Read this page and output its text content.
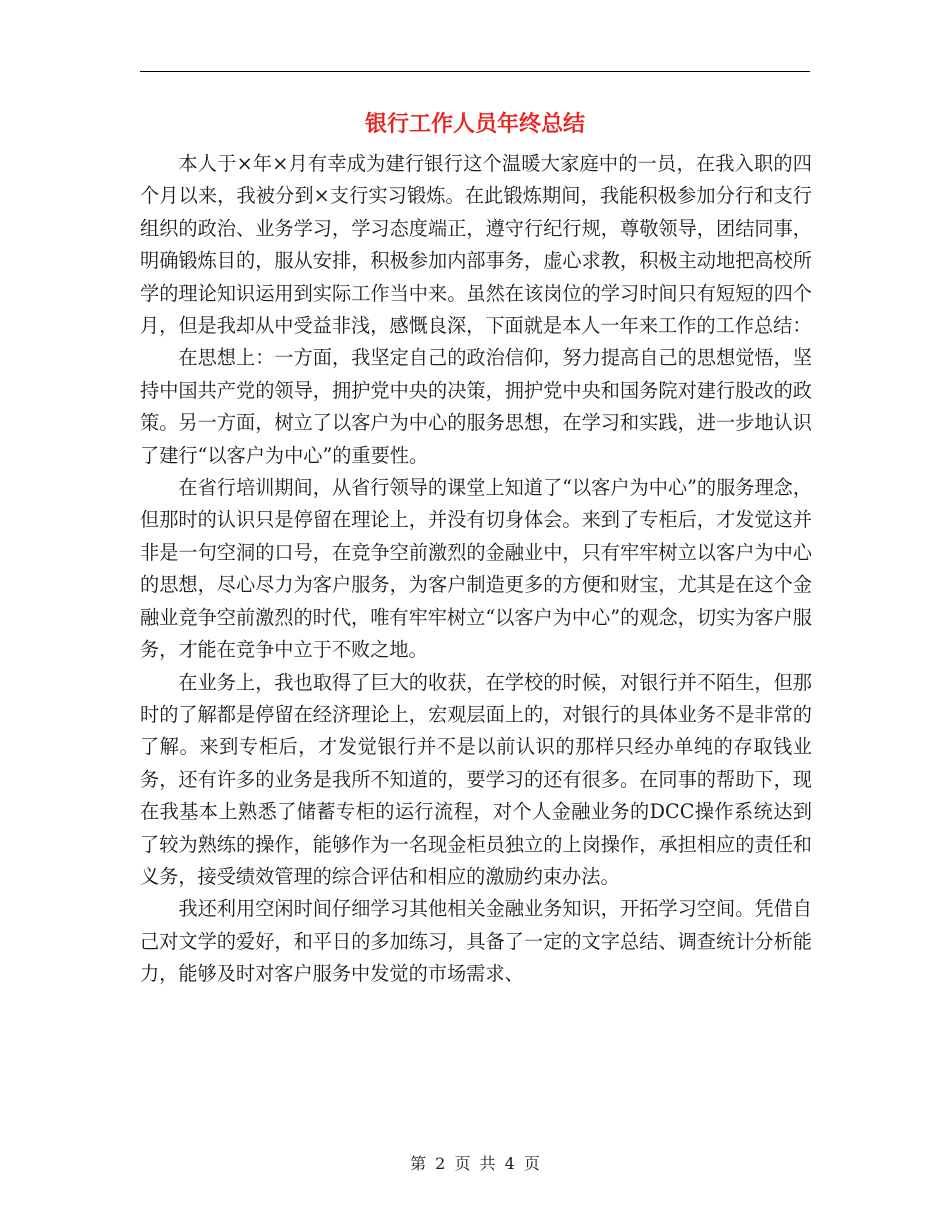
银行工作人员年终总结

本人于×年×月有幸成为建行银行这个温暖大家庭中的一员，在我入职的四个月以来，我被分到×支行实习锻炼。在此锻炼期间，我能积极参加分行和支行组织的政治、业务学习，学习态度端正，遵守行纪行规，尊敬领导，团结同事，明确锻炼目的，服从安排，积极参加内部事务，虚心求教，积极主动地把高校所学的理论知识运用到实际工作当中来。虽然在该岗位的学习时间只有短短的四个月，但是我却从中受益非浅，感慨良深，下面就是本人一年来工作的工作总结：

在思想上：一方面，我坚定自己的政治信仰，努力提高自己的思想觉悟，坚持中国共产党的领导，拥护党中央的决策，拥护党中央和国务院对建行股改的政策。另一方面，树立了以客户为中心的服务思想，在学习和实践，进一步地认识了建行“以客户为中心”的重要性。

在省行培训期间，从省行领导的课堂上知道了“以客户为中心”的服务理念，但那时的认识只是停留在理论上，并没有切身体会。来到了专柜后，才发觉这并非是一句空洞的口号，在竞争空前激烈的金融业中，只有牢牢树立以客户为中心的思想，尽心尽力为客户服务，为客户制造更多的方便和财宝，尤其是在这个金融业竞争空前激烈的时代，唯有牢牢树立“以客户为中心”的观念，切实为客户服务，才能在竞争中立于不败之地。

在业务上，我也取得了巨大的收获，在学校的时候，对银行并不陌生，但那时的了解都是停留在经济理论上，宏观层面上的，对银行的具体业务不是非常的了解。来到专柜后，才发觉银行并不是以前认识的那样只经办单纯的存取钱业务，还有许多的业务是我所不知道的，要学习的还有很多。在同事的帮助下，现在我基本上熟悉了储蓄专柜的运行流程，对个人金融业务的DCC操作系统达到了较为熟练的操作，能够作为一名现金柜员独立的上岗操作，承担相应的责任和义务，接受绩效管理的综合评估和相应的激励约束办法。

我还利用空闲时间仔细学习其他相关金融业务知识，开拓学习空间。凭借自己对文学的爱好，和平日的多加练习，具备了一定的文字总结、调查统计分析能力，能够及时对客户服务中发觉的市场需求、

第 2 页 共 4 页
